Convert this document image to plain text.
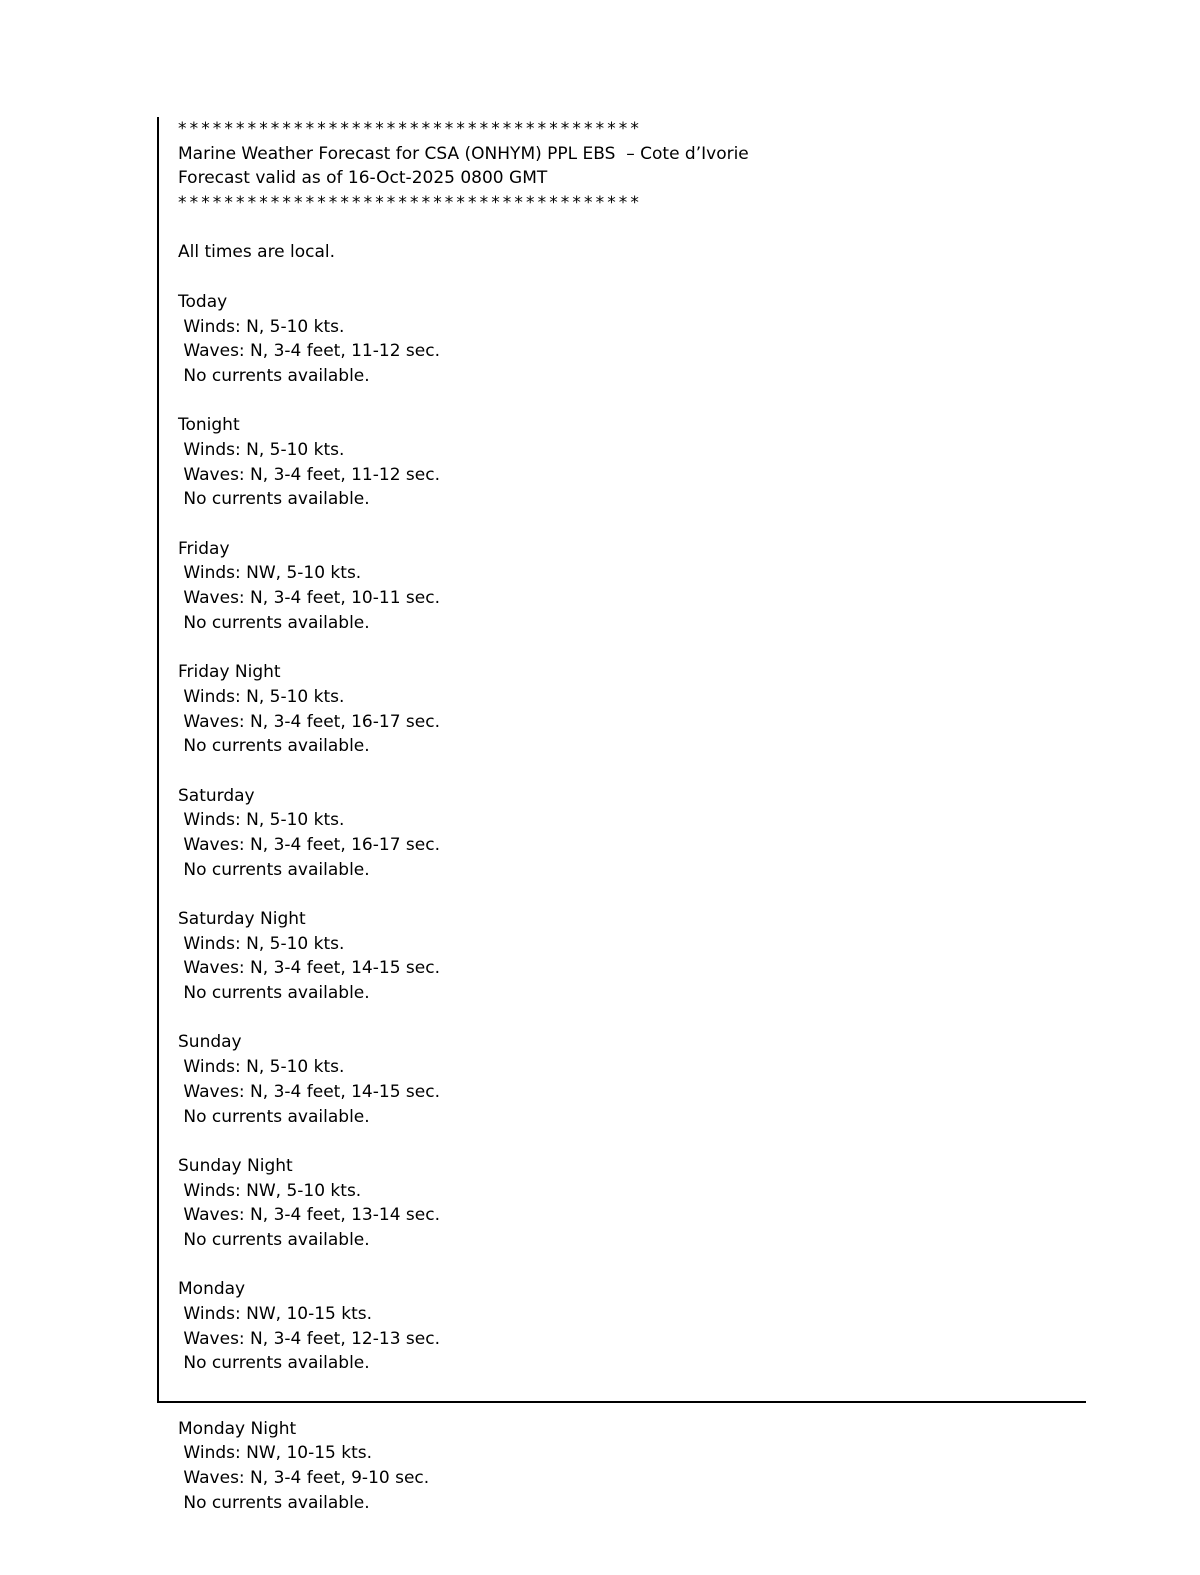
****************************************
Marine Weather Forecast for CSA (ONHYM) PPL EBS  – Cote d’Ivorie
Forecast valid as of 16-Oct-2025 0800 GMT
****************************************
All times are local.
Today
Winds: N, 5-10 kts.
Waves: N, 3-4 feet, 11-12 sec.
No currents available.
Tonight
Winds: N, 5-10 kts.
Waves: N, 3-4 feet, 11-12 sec.
No currents available.
Friday
Winds: NW, 5-10 kts.
Waves: N, 3-4 feet, 10-11 sec.
No currents available.
Friday Night
Winds: N, 5-10 kts.
Waves: N, 3-4 feet, 16-17 sec.
No currents available.
Saturday
Winds: N, 5-10 kts.
Waves: N, 3-4 feet, 16-17 sec.
No currents available.
Saturday Night
Winds: N, 5-10 kts.
Waves: N, 3-4 feet, 14-15 sec.
No currents available.
Sunday
Winds: N, 5-10 kts.
Waves: N, 3-4 feet, 14-15 sec.
No currents available.
Sunday Night
Winds: NW, 5-10 kts.
Waves: N, 3-4 feet, 13-14 sec.
No currents available.
Monday
Winds: NW, 10-15 kts.
Waves: N, 3-4 feet, 12-13 sec.
No currents available.
Monday Night
Winds: NW, 10-15 kts.
Waves: N, 3-4 feet, 9-10 sec.
No currents available.
